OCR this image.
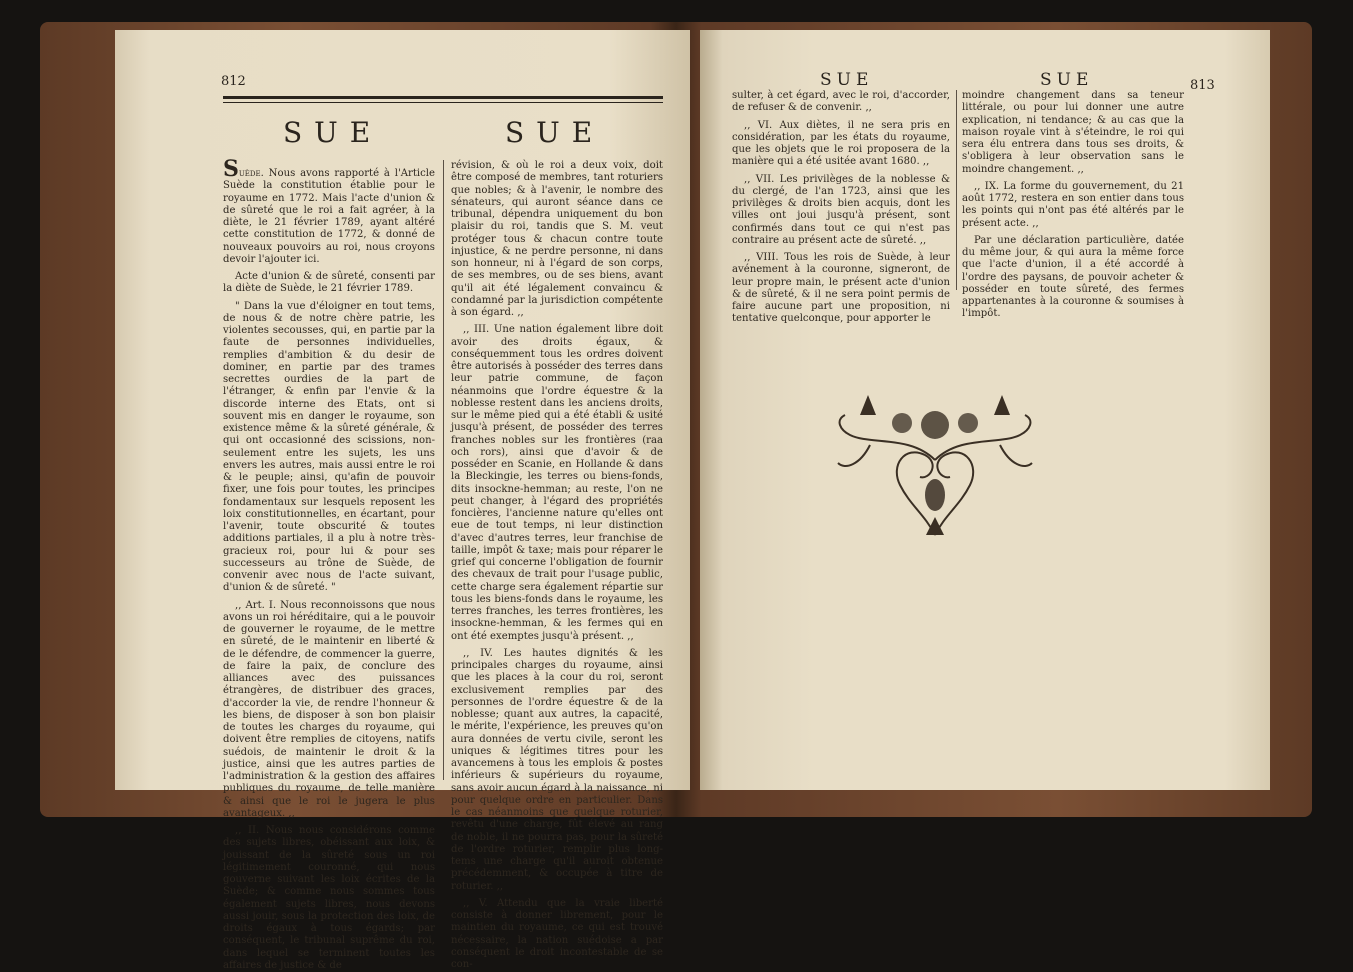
812
SUE	SUE

Suède. Nous avons rapporté à l'Article Suède la constitution établie pour le royaume en 1772. Mais l'acte d'union & de sûreté que le roi a fait agréer, à la diète, le 21 février 1789, ayant altéré cette constitution de 1772, & donné de nouveaux pouvoirs au roi, nous croyons devoir l'ajouter ici.

Acte d'union & de sûreté, consenti par la diète de Suède, le 21 février 1789.

" Dans la vue d'éloigner en tout tems, de nous & de notre chère patrie, les violentes secousses, qui, en partie par la faute de personnes individuelles, remplies d'ambition & du desir de dominer, en partie par des trames secrettes ourdies de la part de l'étranger, & enfin par l'envie & la discorde interne des Etats, ont si souvent mis en danger le royaume, son existence même & la sûreté générale, & qui ont occasionné des scissions, non-seulement entre les sujets, les uns envers les autres, mais aussi entre le roi & le peuple; ainsi, qu'afin de pouvoir fixer, une fois pour toutes, les principes fondamentaux sur lesquels reposent les loix constitutionnelles, en écartant, pour l'avenir, toute obscurité & toutes additions partiales, il a plu à notre très-gracieux roi, pour lui & pour ses successeurs au trône de Suède, de convenir avec nous de l'acte suivant, d'union & de sûreté. "

,, Art. I. Nous reconnoissons que nous avons un roi héréditaire, qui a le pouvoir de gouverner le royaume, de le mettre en sûreté, de le maintenir en liberté & de le défendre, de commencer la guerre, de faire la paix, de conclure des alliances avec des puissances étrangères, de distribuer des graces, d'accorder la vie, de rendre l'honneur & les biens, de disposer à son bon plaisir de toutes les charges du royaume, qui doivent être remplies de citoyens, natifs suédois, de maintenir le droit & la justice, ainsi que les autres parties de l'administration & la gestion des affaires publiques du royaume, de telle manière & ainsi que le roi le jugera le plus avantageux. ,,

,, II. Nous nous considérons comme des sujets libres, obéissant aux loix, & jouissant de la sûreté sous un roi légitimement couronné, qui nous gouverne suivant les loix écrites de la Suède; & comme nous sommes tous également sujets libres, nous devons aussi jouir, sous la protection des loix, de droits égaux à tous égards; par conséquent, le tribunal suprême du roi, dans lequel se terminent toutes les affaires de justice & de

révision, & où le roi a deux voix, doit être composé de membres, tant roturiers que nobles; & à l'avenir, le nombre des sénateurs, qui auront séance dans ce tribunal, dépendra uniquement du bon plaisir du roi, tandis que S. M. veut protéger tous & chacun contre toute injustice, & ne perdre personne, ni dans son honneur, ni à l'égard de son corps, de ses membres, ou de ses biens, avant qu'il ait été légalement convaincu & condamné par la jurisdiction compétente à son égard. ,,

,, III. Une nation également libre doit avoir des droits égaux, & conséquemment tous les ordres doivent être autorisés à posséder des terres dans leur patrie commune, de façon néanmoins que l'ordre équestre & la noblesse restent dans les anciens droits, sur le même pied qui a été établi & usité jusqu'à présent, de posséder des terres franches nobles sur les frontières (raa och rors), ainsi que d'avoir & de posséder en Scanie, en Hollande & dans la Bleckingie, les terres ou biens-fonds, dits insockne-hemman; au reste, l'on ne peut changer, à l'égard des propriétés foncières, l'ancienne nature qu'elles ont eue de tout temps, ni leur distinction d'avec d'autres terres, leur franchise de taille, impôt & taxe; mais pour réparer le grief qui concerne l'obligation de fournir des chevaux de trait pour l'usage public, cette charge sera également répartie sur tous les biens-fonds dans le royaume, les terres franches, les terres frontières, les insockne-hemman, & les fermes qui en ont été exemptes jusqu'à présent. ,,

,, IV. Les hautes dignités & les principales charges du royaume, ainsi que les places à la cour du roi, seront exclusivement remplies par des personnes de l'ordre équestre & de la noblesse; quant aux autres, la capacité, le mérite, l'expérience, les preuves qu'on aura données de vertu civile, seront les uniques & légitimes titres pour les avancemens à tous les emplois & postes inférieurs & supérieurs du royaume, sans avoir aucun égard à la naissance, ni pour quelque ordre en particulier. Dans le cas néanmoins que quelque roturier, revêtu d'une charge, fût élevé au rang de noble, il ne pourra pas, pour la sûreté de l'ordre roturier, remplir plus long-tems une charge qu'il auroit obtenue précédemment, & occupée à titre de roturier. ,,

,, V. Attendu que la vraie liberté consiste à donner librement, pour le maintien du royaume, ce qui est trouvé nécessaire, la nation suédoise a par conséquent le droit incontestable de se con-

SUE	SUE	813

sulter, à cet égard, avec le roi, d'accorder, de refuser & de convenir. ,,

,, VI. Aux diètes, il ne sera pris en considération, par les états du royaume, que les objets que le roi proposera de la manière qui a été usitée avant 1680. ,,

,, VII. Les privilèges de la noblesse & du clergé, de l'an 1723, ainsi que les privilèges & droits bien acquis, dont les villes ont joui jusqu'à présent, sont confirmés dans tout ce qui n'est pas contraire au présent acte de sûreté. ,,

,, VIII. Tous les rois de Suède, à leur avénement à la couronne, signeront, de leur propre main, le présent acte d'union & de sûreté, & il ne sera point permis de faire aucune part une proposition, ni tentative quelconque, pour apporter le

moindre changement dans sa teneur littérale, ou pour lui donner une autre explication, ni tendance; & au cas que la maison royale vint à s'éteindre, le roi qui sera élu entrera dans tous ses droits, & s'obligera à leur observation sans le moindre changement. ,,

,, IX. La forme du gouvernement, du 21 août 1772, restera en son entier dans tous les points qui n'ont pas été altérés par le présent acte. ,,

Par une déclaration particulière, datée du même jour, & qui aura la même force que l'acte d'union, il a été accordé à l'ordre des paysans, de pouvoir acheter & posséder en toute sûreté, des fermes appartenantes à la couronne & soumises à l'impôt.
